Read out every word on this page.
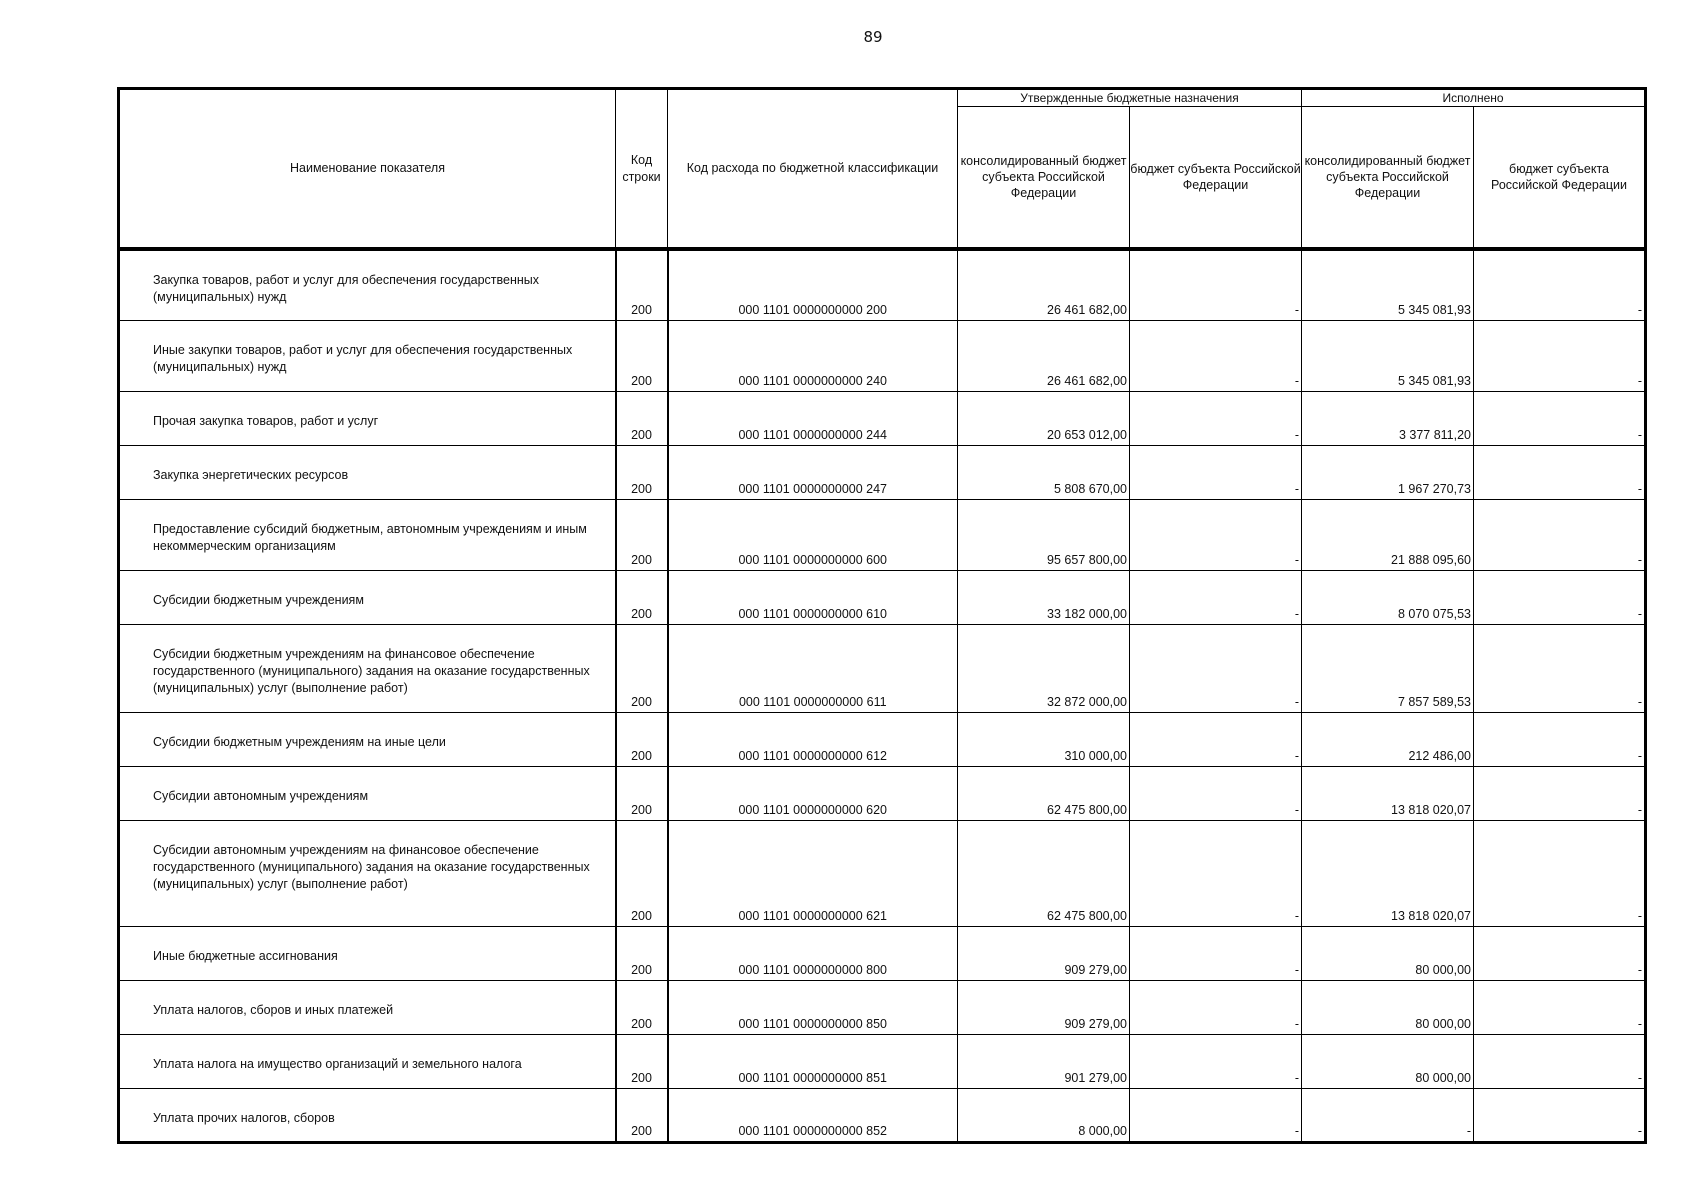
89
Наименование показателя	Код строки	Код расхода по бюджетной классификации	Утвержденные бюджетные назначения		Исполнено	
			консолидированный бюджет субъекта Российской Федерации	бюджет субъекта Российской Федерации	консолидированный бюджет субъекта Российской Федерации	бюджет субъекта Российской Федерации
Закупка товаров, работ и услуг для обеспечения государственных (муниципальных) нужд	200	000 1101 0000000000 200	26 461 682,00	-	5 345 081,93	-
Иные закупки товаров, работ и услуг для обеспечения государственных (муниципальных) нужд	200	000 1101 0000000000 240	26 461 682,00	-	5 345 081,93	-
Прочая закупка товаров, работ и услуг	200	000 1101 0000000000 244	20 653 012,00	-	3 377 811,20	-
Закупка энергетических ресурсов	200	000 1101 0000000000 247	5 808 670,00	-	1 967 270,73	-
Предоставление субсидий бюджетным, автономным учреждениям и иным некоммерческим организациям	200	000 1101 0000000000 600	95 657 800,00	-	21 888 095,60	-
Субсидии бюджетным учреждениям	200	000 1101 0000000000 610	33 182 000,00	-	8 070 075,53	-
Субсидии бюджетным учреждениям на финансовое обеспечение государственного (муниципального) задания на оказание государственных (муниципальных) услуг (выполнение работ)	200	000 1101 0000000000 611	32 872 000,00	-	7 857 589,53	-
Субсидии бюджетным учреждениям на иные цели	200	000 1101 0000000000 612	310 000,00	-	212 486,00	-
Субсидии автономным учреждениям	200	000 1101 0000000000 620	62 475 800,00	-	13 818 020,07	-
Субсидии автономным учреждениям на финансовое обеспечение государственного (муниципального) задания на оказание государственных (муниципальных) услуг (выполнение работ)	200	000 1101 0000000000 621	62 475 800,00	-	13 818 020,07	-
Иные бюджетные ассигнования	200	000 1101 0000000000 800	909 279,00	-	80 000,00	-
Уплата налогов, сборов и иных платежей	200	000 1101 0000000000 850	909 279,00	-	80 000,00	-
Уплата налога на имущество организаций и земельного налога	200	000 1101 0000000000 851	901 279,00	-	80 000,00	-
Уплата прочих налогов, сборов	200	000 1101 0000000000 852	8 000,00	-	-	-
